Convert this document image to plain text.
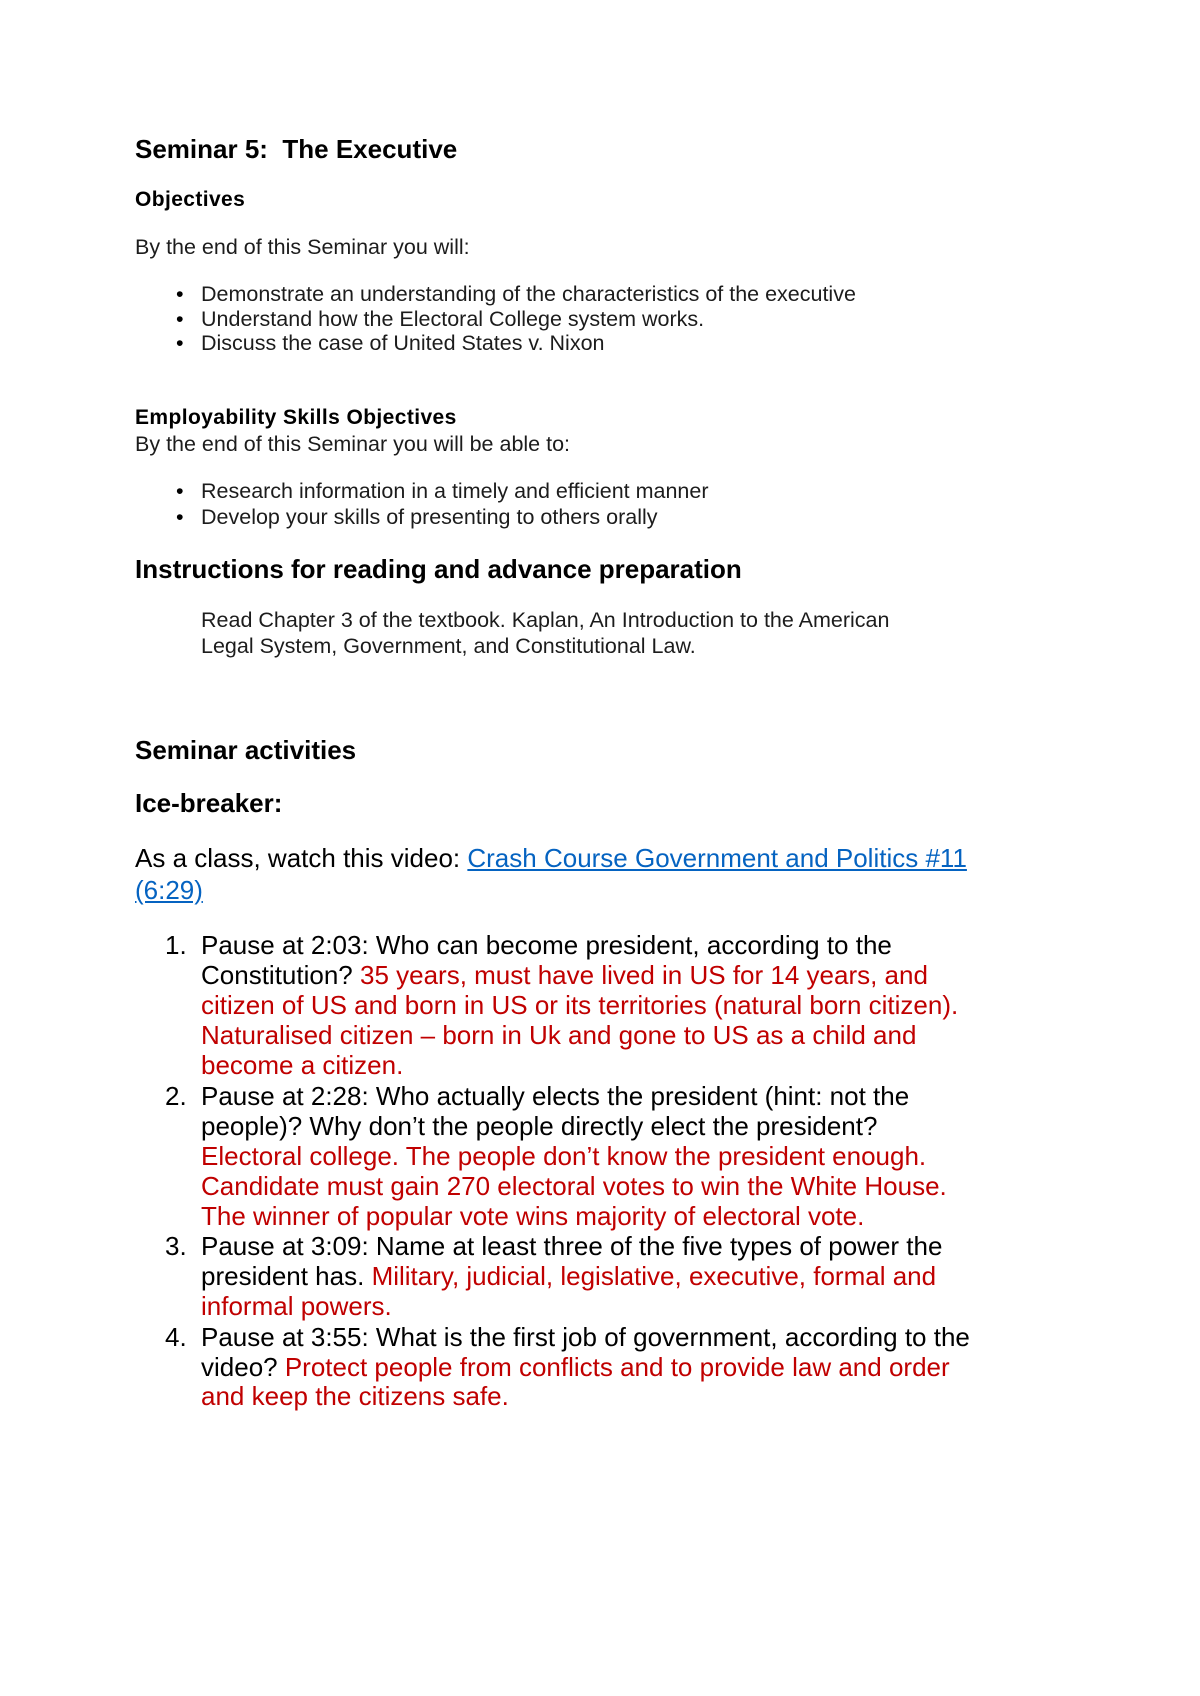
Seminar 5:  The Executive
Objectives
By the end of this Seminar you will:
• Demonstrate an understanding of the characteristics of the executive
• Understand how the Electoral College system works.
• Discuss the case of United States v. Nixon
Employability Skills Objectives
By the end of this Seminar you will be able to:
• Research information in a timely and efficient manner
• Develop your skills of presenting to others orally
Instructions for reading and advance preparation
Read Chapter 3 of the textbook. Kaplan, An Introduction to the American
Legal System, Government, and Constitutional Law.
Seminar activities
Ice-breaker:
As a class, watch this video: Crash Course Government and Politics #11
(6:29)
1. Pause at 2:03: Who can become president, according to the
Constitution? 35 years, must have lived in US for 14 years, and
citizen of US and born in US or its territories (natural born citizen).
Naturalised citizen – born in Uk and gone to US as a child and
become a citizen.
2. Pause at 2:28: Who actually elects the president (hint: not the
people)? Why don’t the people directly elect the president?
Electoral college. The people don’t know the president enough.
Candidate must gain 270 electoral votes to win the White House.
The winner of popular vote wins majority of electoral vote.
3. Pause at 3:09: Name at least three of the five types of power the
president has. Military, judicial, legislative, executive, formal and
informal powers.
4. Pause at 3:55: What is the first job of government, according to the
video? Protect people from conflicts and to provide law and order
and keep the citizens safe.
